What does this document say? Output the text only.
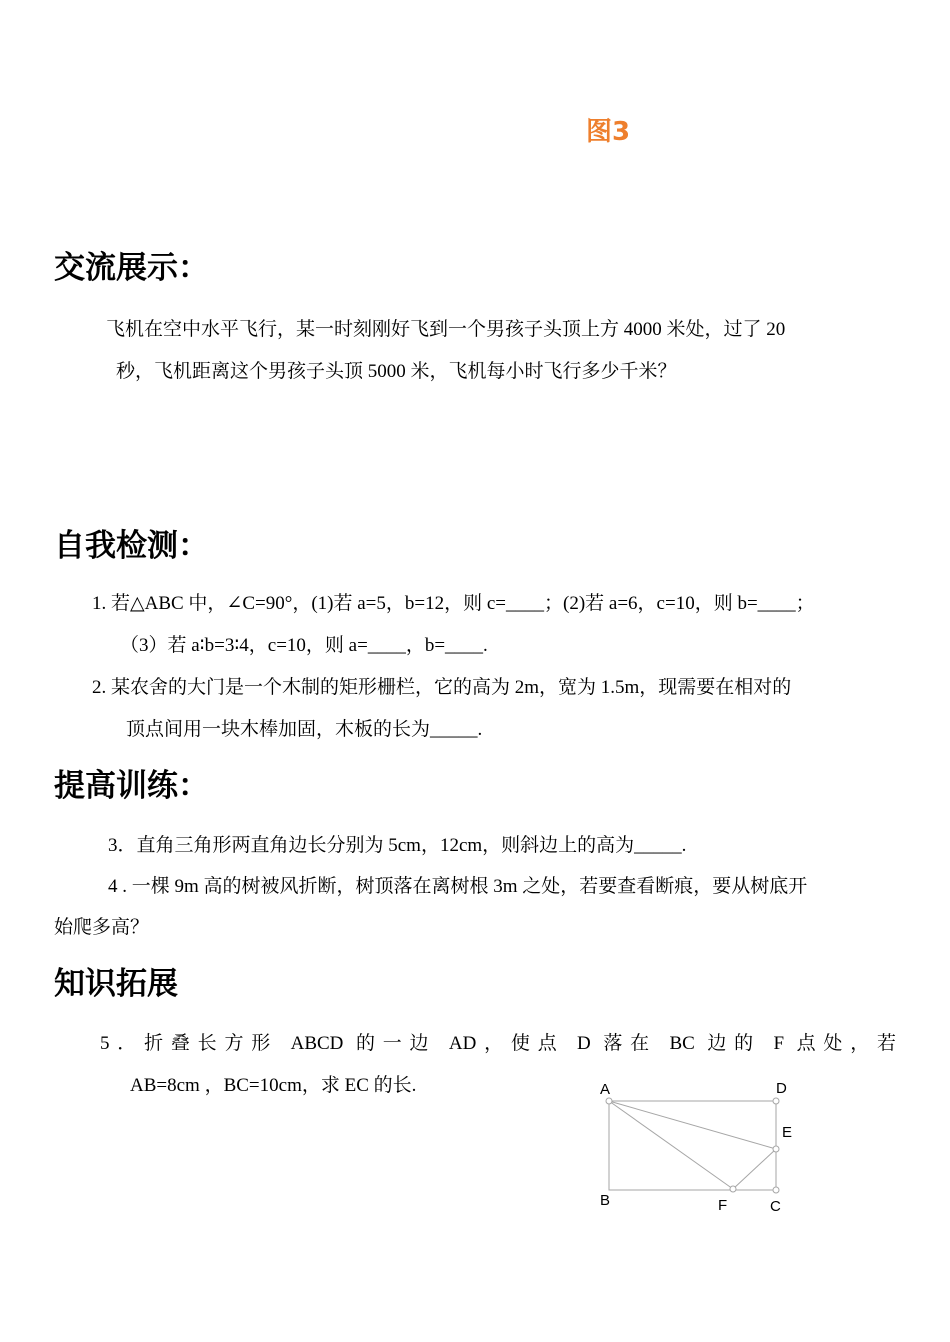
图3
交流展示：
飞机在空中水平飞行，某一时刻刚好飞到一个男孩子头顶上方 4000 米处，过了 20
秒，飞机距离这个男孩子头顶 5000 米，飞机每小时飞行多少千米？
自我检测：
1. 若△ABC 中，∠C=90°，(1)若 a=5，b=12，则 c=____；(2)若 a=6，c=10，则 b=____；
（3）若 a∶b=3∶4，c=10，则 a=____，b=____.
2. 某农舍的大门是一个木制的矩形栅栏，它的高为 2m，宽为 1.5m，现需要在相对的
顶点间用一块木棒加固，木板的长为_____.
提高训练：
3．直角三角形两直角边长分别为 5cm，12cm，则斜边上的高为_____.
4 . 一棵 9m 高的树被风折断，树顶落在离树根 3m 之处，若要查看断痕，要从树底开
始爬多高？
知识拓展
5．折叠长方形 ABCD 的一边 AD，使点 D 落在 BC 边的 F 点处，若
AB=8cm ，BC=10cm，求 EC 的长.	A	D
E
B	F	C
